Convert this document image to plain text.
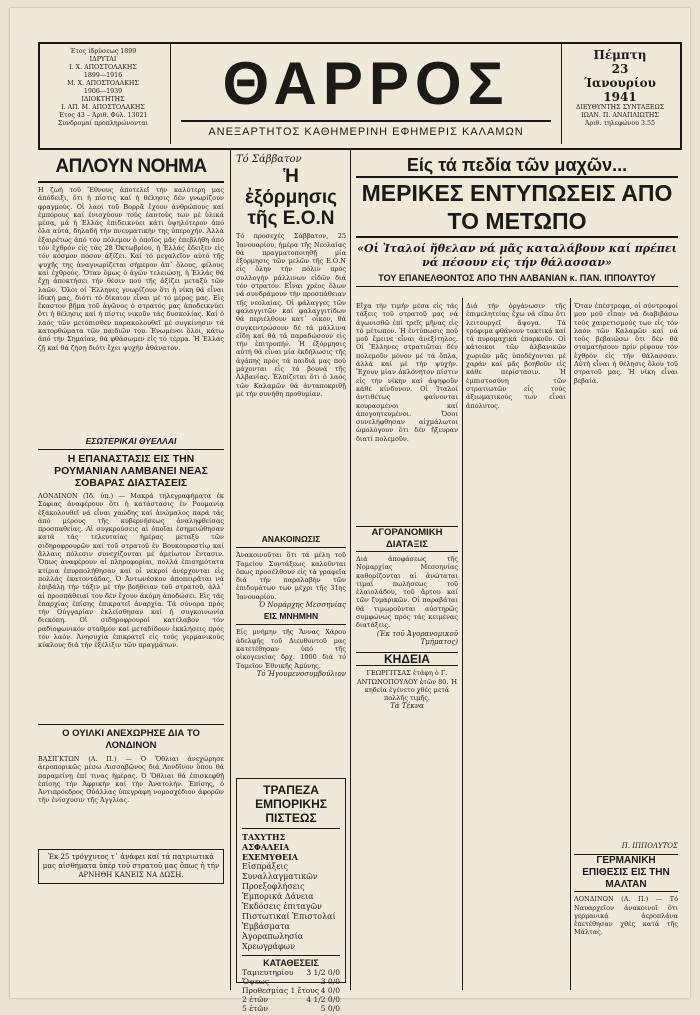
Έτος ίδρύσεως 1899
ΙΔΡΥΤΑΙ
Ι. Χ. ΑΠΟΣΤΟΛΑΚΗΣ
1899—1916
Μ. Χ. ΑΠΟΣΤΟΛΑΚΗΣ
1906—1939
ΙΔΙΟΚΤΗΤΗΣ
Ι. ΑΠ. Μ. ΑΠΟΣΤΟΛΑΚΗΣ
Έτος 43 – Άριθ. Φύλ. 13021
Συνδρομαί προπληρώνονται
ΘΑΡΡΟΣ
ΑΝΕΞΑΡΤΗΤΟΣ ΚΑΘΗΜΕΡΙΝΗ ΕΦΗΜΕΡΙΣ ΚΑΛΑΜΩΝ
Πέμπτη
23
Ίανουρίου
1941
ΔΙΕΥΘΥΝΤΗΣ ΣΥΝΤΑΞΕΩΣ
ΙΩΑΝ. Π. ΑΝΑΠΛΙΩΤΗΣ
Άριθ. τηλεφώνου 3.55
ΑΠΛΟΥΝ ΝΟΗΜΑ
Η ζωή τοῦ Ἔθνους ἀποτελεῖ τήν καλύτερη μας ἀπόδειξι, ὅτι ἡ πίστις καί ἡ θέλησις δέν γνωρίζουν φραγμούς. Οἱ λαοί τοῦ Βορρᾶ ἔχουν ἀνθρώπους καί ἐμπόρους καί ἐνισχύουν τούς ἑαυτούς των μέ ὑλικά μέσα, μά ἡ Ἑλλάς ἐπιδεικνύει κάτι ὑψηλότερον ἀπό ὅλα αὐτά, δηλαδή τήν πνευματικήν της ὑπεροχήν. Ἀλλά ἐξαιρέτως ἀπό τόν πόλεμον ὁ ὁποῖος μᾶς ἐπεβλήθη ἀπό τόν ἐχθρόν εἰς τάς 28 Ὀκτωβρίου, ἡ Ἑλλάς ἔδειξεν εἰς τόν κόσμον πόσον ἀξίζει. Καί τό μεγαλεῖον αὐτό τῆς ψυχῆς της ἀναγνωρίζεται σήμερον ἀπ᾽ ὅλους, φίλους καί ἐχθρούς. Ὅταν ὅμως ὁ ἀγών τελειώσῃ, ἡ Ἑλλάς θά ἔχῃ ἀποκτήσει τήν θέσιν πού τῆς ἀξίζει μεταξύ τῶν λαῶν. Ὅλοι οἱ Ἕλληνες γνωρίζουν ὅτι ἡ νίκη θά εἶναι ἰδική μας, διότι τό δίκαιον εἶναι μέ τό μέρος μας. Εἰς ἕκαστον βῆμα τοῦ ἀγῶνος ὁ στρατός μας ἀποδεικνύει ὅτι ἡ θέλησις καί ἡ πίστις νικοῦν τάς δυσκολίας. Καί ὁ λαός τῶν μετόπισθεν παρακολουθεῖ μέ συγκίνησιν τά κατορθώματα τῶν παιδιῶν του. Ἑνωμένοι ὅλοι, κάτω ἀπό τήν Σημαίαν, θά φθάσωμεν εἰς τό τέρμα. Ἡ Ἑλλάς ζῇ καί θά ζήσῃ διότι ἔχει ψυχήν ἀθάνατον.
ΕΣΩΤΕΡΙΚΑΙ ΘΥΕΛΛΑΙ
Η ΕΠΑΝΑΣΤΑΣΙΣ ΕΙΣ ΤΗΝ ΡΟΥΜΑΝΙΑΝ ΛΑΜΒΑΝΕΙ ΝΕΑΣ ΣΟΒΑΡΑΣ ΔΙΑΣΤΑΣΕΙΣ
ΛΟΝΔΙΝΟΝ (Ἰδ. ὑπ.) — Μακρά τηλεγραφήματα ἐκ Σόφιας ἀναφέρουν ὅτι ἡ κατάστασις ἐν Ρουμανίᾳ ἐξακολουθεῖ νά εἶναι χαώδης καί ἀνώμαλος παρά τάς ἀπό μέρους τῆς κυβερνήσεως ἀναληφθείσας προσπαθείας. Αἱ συγκρούσεις αἱ ὁποῖαι ἐσημειώθησαν κατά τάς τελευταίας ἡμέρας μεταξύ τῶν σιδηροφρουρῶν καί τοῦ στρατοῦ ἐν Βουκουρεστίῳ καί ἄλλαις πόλεσιν συνεχίζονται μέ ἀμείωτον ἔντασιν. Ὅπως ἀναφέρουν αἱ πληροφορίαι, πολλά ἐπισημότατα κτίρια ἐπυρπολήθησαν καί οἱ νεκροί ἀνέρχονται εἰς πολλάς ἑκατοντάδας. Ὁ Ἀντωνέσκου ἀποπειρᾶται νά ἐπιβάλῃ τήν τάξιν μέ τήν βοήθειαν τοῦ στρατοῦ, ἀλλ᾽ αἱ προσπάθειαί του δέν ἔχουν ἀκόμη ἀποδώσει. Εἰς τάς ἐπαρχίας ἐπίσης ἐπικρατεῖ ἀναρχία. Τά σύνορα πρός τήν Οὐγγαρίαν ἐκλείσθησαν καί ἡ συγκοινωνία διεκόπη. Οἱ σιδηροφρουροί κατέλαβον τόν ραδιοφωνικόν σταθμόν καί μεταδίδουν ἐκκλήσεις πρός τόν λαόν. Ἀνησυχία ἐπικρατεῖ εἰς τούς γερμανικούς κύκλους διά τήν ἐξέλιξιν τῶν πραγμάτων.
Ο ΟΥΙΛΚΙ ΑΝΕΧΩΡΗΣΕ ΔΙΑ ΤΟ ΛΟΝΔΙΝΟΝ
ΒΑΣΙΓΚΤΩΝ (Α. Π.) — Ὁ Ὅθλιαι ἀνεχώρησε ἀεροπορικῶς μέσω Λισσαβῶνος διά Λονδῖνον ὅπου θά παραμείνῃ ἐπί τινας ἡμέρας. Ὁ Ὅθλιαι θά ἐπισκεφθῇ ἐπίσης τήν Ἀφρικήν καί τήν Ἀνατολήν. Ἐπίσης, ὁ Ἀντιπρόεδρος Οὐάλλας ὑπεγράφη νομοσχέδιον ἀφορῶν τήν ἐνίσχυσιν τῆς Ἀγγλίας.
Ἐκ 25 τρόγχυτος τ᾽ ἀνάφει καί τά πατριωτικά μας αἰσθήματα ὑπέρ τοῦ στρατοῦ μας ὅπως ἡ τήν ΑΡΝΗΘΗ ΚΑΝΕΙΣ ΝΑ ΔΩΣΗ.
Τό Σάββατον
Ἡ ἐξόρμησις τῆς Ε.Ο.Ν
Τό προσεχές Σάββατον, 25 Ἰανουαρίου, ἡμέρα τῆς Νεολαίας θά πραγματοποιηθῇ μία ἐξόρμησις τῶν μελῶν τῆς Ε.Ο.Ν εἰς ὅλην τήν πόλιν πρός συλλογήν μάλλινων εἰδῶν διά τόν στρατόν. Εἶναι χρέος ὅλων νά συνδράμουν τήν προσπάθειαν τῆς νεολαίας. Οἱ φάλαγγες τῶν φαλαγγιτῶν καί φαλαγγιτίδων θά περιέλθουν κατ᾽ οἶκον, θά συγκεντρώσουν δέ τά μάλλινα εἴδη καί θά τά παραδώσουν εἰς τήν ἐπιτροπήν. Ἡ ἐξόρμησις αὐτή θά εἶναι μία ἐκδήλωσις τῆς ἀγάπης πρός τά παιδιά μας πού μάχονται εἰς τά βουνά τῆς Ἀλβανίας. Ἐλπίζεται ὅτι ὁ λαός τῶν Καλαμῶν θά ἀνταποκριθῇ μέ τήν συνήθη προθυμίαν.
ΑΝΑΚΟΙΝΩΣΙΣ
Ἀνακοινοῦται ὅτι τά μέλη τοῦ Ταμείου Συντάξεως καλοῦνται ὅπως προσέλθουν εἰς τά γραφεῖα διά τήν παραλαβήν τῶν ἐπιδομάτων των μέχρι τῆς 31ης Ἰανουαρίου.
Ὁ Νομάρχης Μεσσηνίας
ΕΙΣ ΜΝΗΜΗΝ
Εἰς μνήμην τῆς Ἄννας Χάρου ἀδελφῆς τοῦ Διευθυντοῦ μας κατετέθησαν ὑπό τῆς οἰκογενείας δρχ. 1000 διά τό Ταμεῖον Ἐθνικῆς Ἀμύνης.
Τό Ἡγουμενοσυμβούλιον
ΤΡΑΠΕΖΑ ΕΜΠΟΡΙΚΗΣ ΠΙΣΤΕΩΣ

ΤΑΧΥΤΗΣ

ΑΣΦΑΛΕΙΑ

ΕΧΕΜΥΘΕΙΑ

Εἰσπράξεις Συναλλαγματικῶν

Προεξοφλήσεις

Ἐμπορικά Δάνεια

Ἐκδόσεις ἐπιταγῶν

Πιστωτικαί Ἐπιστολαί

Ἐμβάσματα

Ἀγοραπωλησία Χρεωγράφων

ΚΑΤΑΘΕΣΕΙΣ
Ταμιευτηρίου 3 1/2 0/0
Ὄψεως	3 0/0
Προθεσμίας 1 ἔτους 4 0/0
2 ἐτῶν	4 1/2 0/0
5 ἐτῶν	5 0/0
Είς τά πεδία τῶν μαχῶν...
ΜΕΡΙΚΕΣ ΕΝΤΥΠΩΣΕΙΣ ΑΠΟ ΤΟ ΜΕΤΩΠΟ
«Οἱ Ἰταλοί ἤθελαν νά μᾶς καταλάβουν καί πρέπει νά πέσουν εἰς τήν θάλασσαν»
ΤΟΥ ΕΠΑΝΕΛΘΟΝΤΟΣ ΑΠΟ ΤΗΝ ΑΛΒΑΝΙΑΝ κ. ΠΑΝ. ΙΠΠΟΛΥΤΟΥ
Εἴχα τήν τιμήν μέσα εἰς τάς τάξεις τοῦ στρατοῦ μας νά ἀγωνισθῶ ἐπί τρεῖς μῆνας εἰς τό μέτωπον. Ἡ ἐντύπωσις πού μοῦ ἔμεινε εἶναι ἀνεξίτηλος. Οἱ Ἕλληνες στρατιῶται δέν πολεμοῦν μόνον μέ τά ὅπλα, ἀλλά καί μέ τήν ψυχήν. Ἔχουν μίαν ἀκλόνητον πίστιν εἰς τήν νίκην καί ἀψηφοῦν κάθε κίνδυνον. Οἱ Ἰταλοί ἀντιθέτως φαίνονται κουρασμένοι καί ἀπογοητευμένοι. Ὅσοι συνελήφθησαν αἰχμάλωτοι ὡμολόγουν ὅτι δέν ἤξευραν διατί πολεμοῦν.
ΑΓΟΡΑΝΟΜΙΚΗ ΔΙΑΤΑΞΙΣ
Διά ἀποφάσεως τῆς Νομαρχίας Μεσσηνίας καθορίζονται αἱ ἀνώταται τιμαί πωλήσεως τοῦ ἐλαιολάδου, τοῦ ἄρτου καί τῶν ζυμαρικῶν. Οἱ παραβάται θά τιμωροῦνται αὐστηρῶς συμφώνως πρός τάς κειμένας διατάξεις.
(Ἐκ τοῦ Ἀγορανομικοῦ Τμήματος)
ΚΗΔΕΙΑ
ΓΕΩΡΓΙΤΣΑΣ ἐτάφη ὁ Γ. ΑΝΤΩΝΟΠΟΥΛΟΥ ἐτῶν 80. Ἡ κηδεία ἐγένετο χθές μετά πολλῆς τιμῆς.
Τά Τέκνα
Διά τήν ὀργάνωσιν τῆς ἐπιμελητείας ἔχω νά εἴπω ὅτι λειτουργεῖ ἄψογα. Τά τρόφιμα φθάνουν τακτικά καί τά πυρομαχικά ἐπαρκοῦν. Οἱ κάτοικοι τῶν ἀλβανικῶν χωριῶν μᾶς ὑποδέχονται μέ χαράν καί μᾶς βοηθοῦν εἰς κάθε περίστασιν. Ἡ ἐμπιστοσύνη τῶν στρατιωτῶν εἰς τούς ἀξιωματικούς των εἶναι ἀπόλυτος.
Ὅταν ἐπέστρεφα, οἱ σύντροφοί μου μοῦ εἶπαν νά διαβιβάσω τούς χαιρετισμούς των εἰς τόν λαόν τῶν Καλαμῶν καί νά τούς βεβαιώσω ὅτι δέν θά σταματήσουν πρίν ρίψουν τόν ἐχθρόν εἰς τήν θάλασσαν. Αὐτή εἶναι ἡ θέλησις ὅλου τοῦ στρατοῦ μας. Ἡ νίκη εἶναι βεβαία.
Π. ΙΠΠΟΛΥΤΟΣ
ΓΕΡΜΑΝΙΚΗ ΕΠΙΘΕΣΙΣ ΕΙΣ ΤΗΝ ΜΑΛΤΑΝ
ΛΟΝΔΙΝΟΝ (Α. Π.) — Τό Ναυαρχεῖον ἀνακοινοῖ ὅτι γερμανικά ἀεροπλάνα ἐπετέθησαν χθές κατά τῆς Μάλτας.
